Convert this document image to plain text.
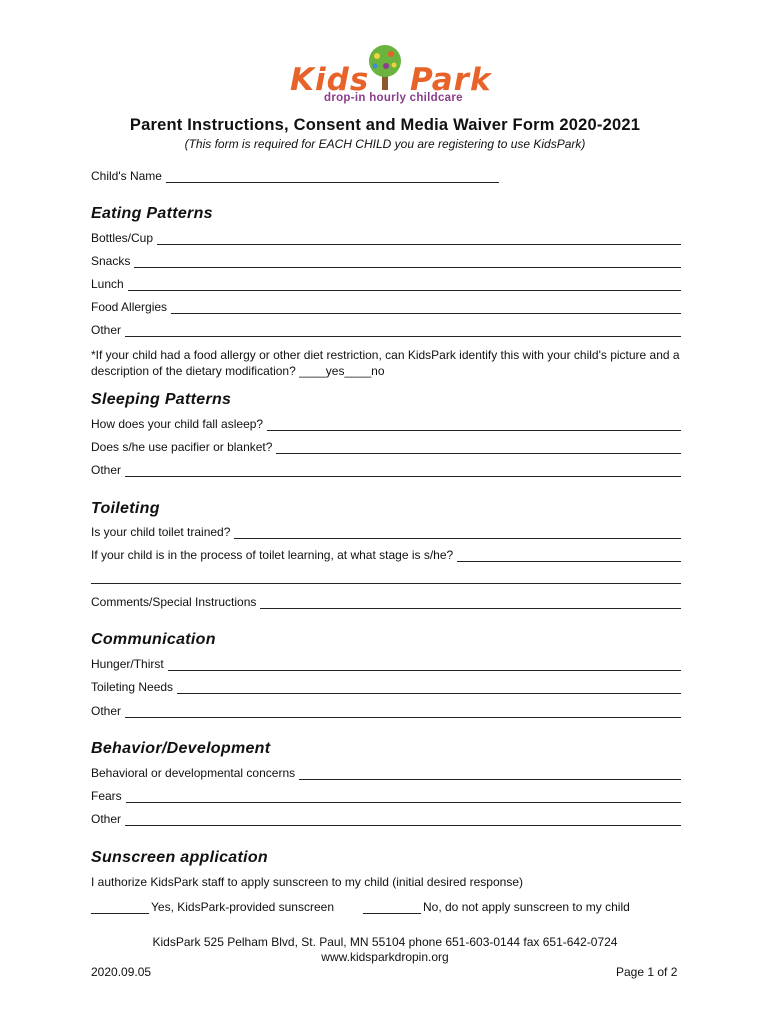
Kids Park
drop-in hourly childcare
Parent Instructions, Consent and Media Waiver Form 2020-2021
(This form is required for EACH CHILD you are registering to use KidsPark)
Child's Name
Eating Patterns
Bottles/Cup
Snacks
Lunch
Food Allergies
Other
*If your child had a food allergy or other diet restriction, can KidsPark identify this with your child's picture and a description of the dietary modification? ____yes____no
Sleeping Patterns
How does your child fall asleep?
Does s/he use pacifier or blanket?
Other
Toileting
Is your child toilet trained?
If your child is in the process of toilet learning, at what stage is s/he?
Comments/Special Instructions
Communication
Hunger/Thirst
Toileting Needs
Other
Behavior/Development
Behavioral or developmental concerns
Fears
Other
Sunscreen application
I authorize KidsPark staff to apply sunscreen to my child (initial desired response)
Yes, KidsPark-provided sunscreen	No, do not apply sunscreen to my child
KidsPark 525 Pelham Blvd, St. Paul, MN 55104 phone 651-603-0144 fax 651-642-0724
www.kidsparkdropin.org
2020.09.05	Page 1 of 2
